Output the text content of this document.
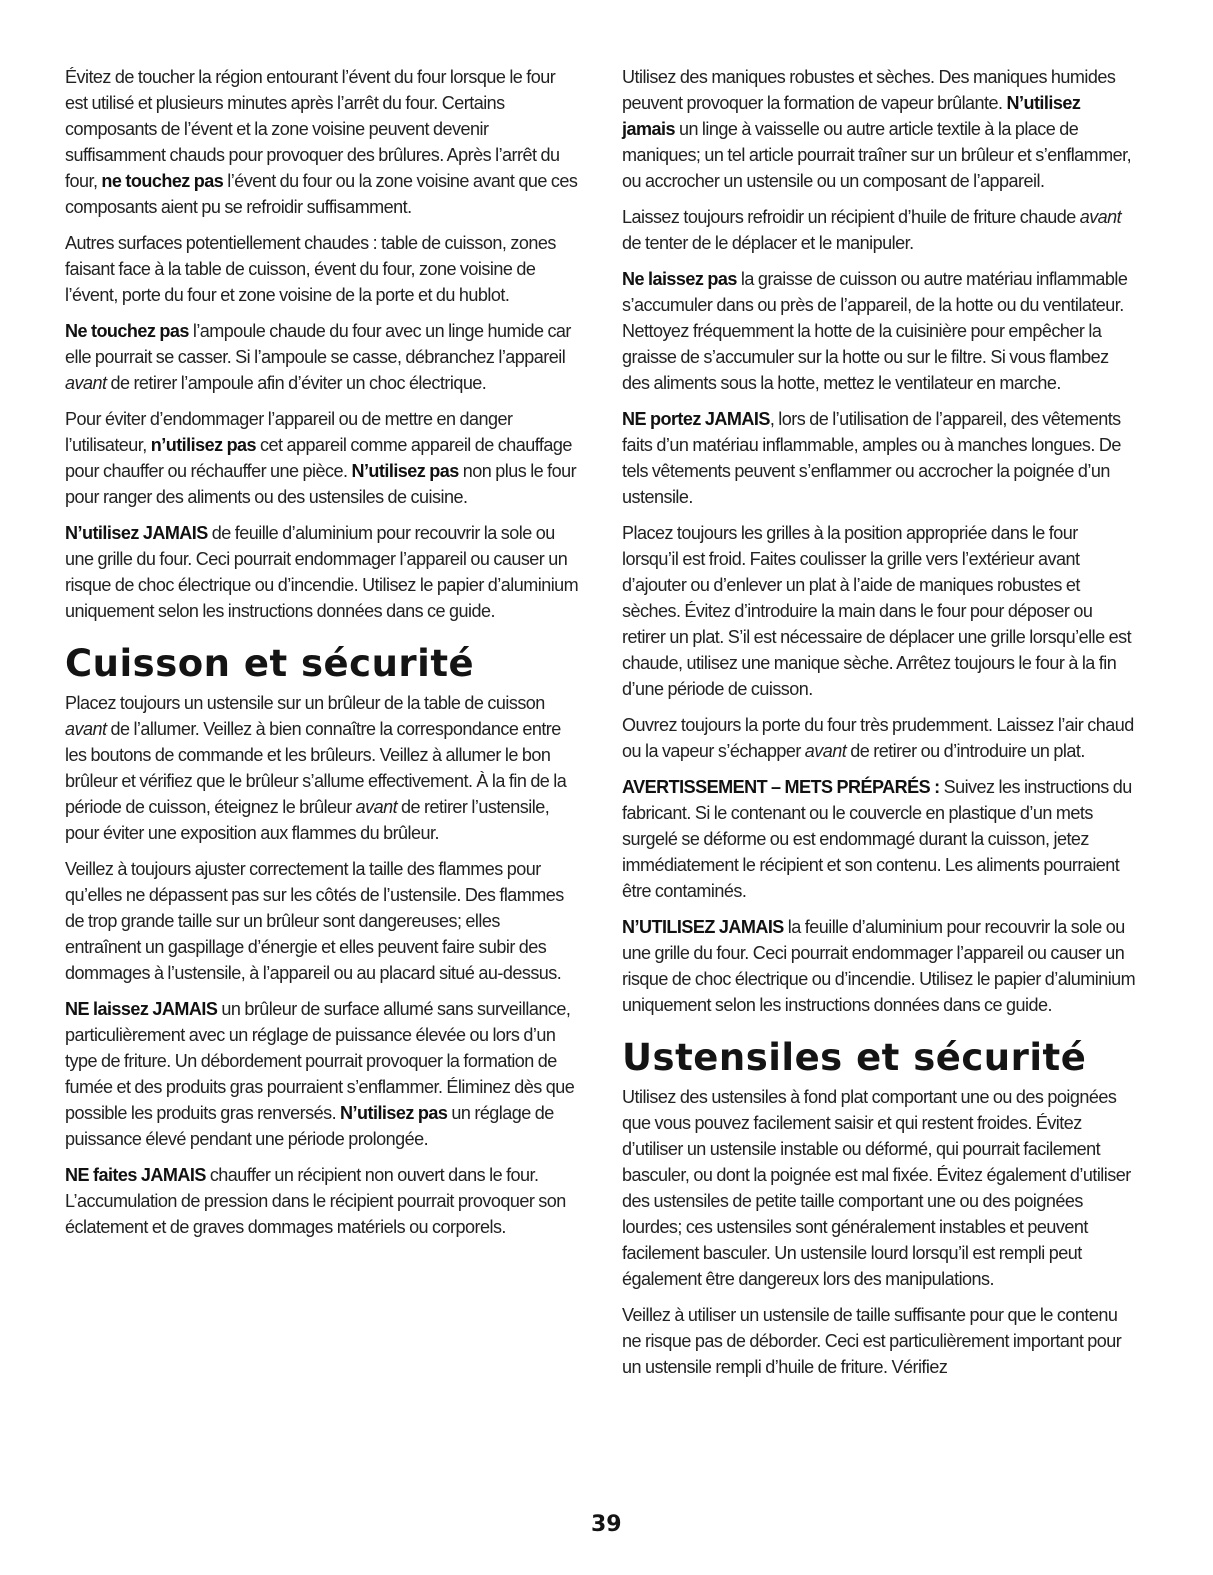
Évitez de toucher la région entourant l’évent du four lorsque le four est utilisé et plusieurs minutes après l’arrêt du four. Certains composants de l’évent et la zone voisine peuvent devenir suffisamment chauds pour provoquer des brûlures. Après l’arrêt du four, ne touchez pas l’évent du four ou la zone voisine avant que ces composants aient pu se refroidir suffisamment.

Autres surfaces potentiellement chaudes : table de cuisson, zones faisant face à la table de cuisson, évent du four, zone voisine de l’évent, porte du four et zone voisine de la porte et du hublot.

Ne touchez pas l’ampoule chaude du four avec un linge humide car elle pourrait se casser. Si l’ampoule se casse, débranchez l’appareil avant de retirer l’ampoule afin d’éviter un choc électrique.

Pour éviter d’endommager l’appareil ou de mettre en danger l’utilisateur, n’utilisez pas cet appareil comme appareil de chauffage pour chauffer ou réchauffer une pièce. N’utilisez pas non plus le four pour ranger des aliments ou des ustensiles de cuisine.

N’utilisez JAMAIS de feuille d’aluminium pour recouvrir la sole ou une grille du four. Ceci pourrait endommager l’appareil ou causer un risque de choc électrique ou d’incendie. Utilisez le papier d’aluminium uniquement selon les instructions données dans ce guide.

Cuisson et sécurité

Placez toujours un ustensile sur un brûleur de la table de cuisson avant de l’allumer. Veillez à bien connaître la correspondance entre les boutons de commande et les brûleurs. Veillez à allumer le bon brûleur et vérifiez que le brûleur s’allume effectivement. À la fin de la période de cuisson, éteignez le brûleur avant de retirer l’ustensile, pour éviter une exposition aux flammes du brûleur.

Veillez à toujours ajuster correctement la taille des flammes pour qu’elles ne dépassent pas sur les côtés de l’ustensile. Des flammes de trop grande taille sur un brûleur sont dangereuses; elles entraînent un gaspillage d’énergie et elles peuvent faire subir des dommages à l’ustensile, à l’appareil ou au placard situé au-dessus.

NE laissez JAMAIS un brûleur de surface allumé sans surveillance, particulièrement avec un réglage de puissance élevée ou lors d’un type de friture. Un débordement pourrait provoquer la formation de fumée et des produits gras pourraient s’enflammer. Éliminez dès que possible les produits gras renversés. N’utilisez pas un réglage de puissance élevé pendant une période prolongée.

NE faites JAMAIS chauffer un récipient non ouvert dans le four. L’accumulation de pression dans le récipient pourrait provoquer son éclatement et de graves dommages matériels ou corporels.

Utilisez des maniques robustes et sèches. Des maniques humides peuvent provoquer la formation de vapeur brûlante. N’utilisez jamais un linge à vaisselle ou autre article textile à la place de maniques; un tel article pourrait traîner sur un brûleur et s’enflammer, ou accrocher un ustensile ou un composant de l’appareil.

Laissez toujours refroidir un récipient d’huile de friture chaude avant de tenter de le déplacer et le manipuler.

Ne laissez pas la graisse de cuisson ou autre matériau inflammable s’accumuler dans ou près de l’appareil, de la hotte ou du ventilateur. Nettoyez fréquemment la hotte de la cuisinière pour empêcher la graisse de s’accumuler sur la hotte ou sur le filtre. Si vous flambez des aliments sous la hotte, mettez le ventilateur en marche.

NE portez JAMAIS, lors de l’utilisation de l’appareil, des vêtements faits d’un matériau inflammable, amples ou à manches longues. De tels vêtements peuvent s’enflammer ou accrocher la poignée d’un ustensile.

Placez toujours les grilles à la position appropriée dans le four lorsqu’il est froid. Faites coulisser la grille vers l’extérieur avant d’ajouter ou d’enlever un plat à l’aide de maniques robustes et sèches. Évitez d’introduire la main dans le four pour déposer ou retirer un plat. S’il est nécessaire de déplacer une grille lorsqu’elle est chaude, utilisez une manique sèche. Arrêtez toujours le four à la fin d’une période de cuisson.

Ouvrez toujours la porte du four très prudemment. Laissez l’air chaud ou la vapeur s’échapper avant de retirer ou d’introduire un plat.

AVERTISSEMENT – METS PRÉPARÉS : Suivez les instructions du fabricant. Si le contenant ou le couvercle en plastique d’un mets surgelé se déforme ou est endommagé durant la cuisson, jetez immédiatement le récipient et son contenu. Les aliments pourraient être contaminés.

N’UTILISEZ JAMAIS la feuille d’aluminium pour recouvrir la sole ou une grille du four. Ceci pourrait endommager l’appareil ou causer un risque de choc électrique ou d’incendie. Utilisez le papier d’aluminium uniquement selon les instructions données dans ce guide.

Ustensiles et sécurité

Utilisez des ustensiles à fond plat comportant une ou des poignées que vous pouvez facilement saisir et qui restent froides. Évitez d’utiliser un ustensile instable ou déformé, qui pourrait facilement basculer, ou dont la poignée est mal fixée. Évitez également d’utiliser des ustensiles de petite taille comportant une ou des poignées lourdes; ces ustensiles sont généralement instables et peuvent facilement basculer. Un ustensile lourd lorsqu’il est rempli peut également être dangereux lors des manipulations.

Veillez à utiliser un ustensile de taille suffisante pour que le contenu ne risque pas de déborder. Ceci est particulièrement important pour un ustensile rempli d’huile de friture. Vérifiez

39
